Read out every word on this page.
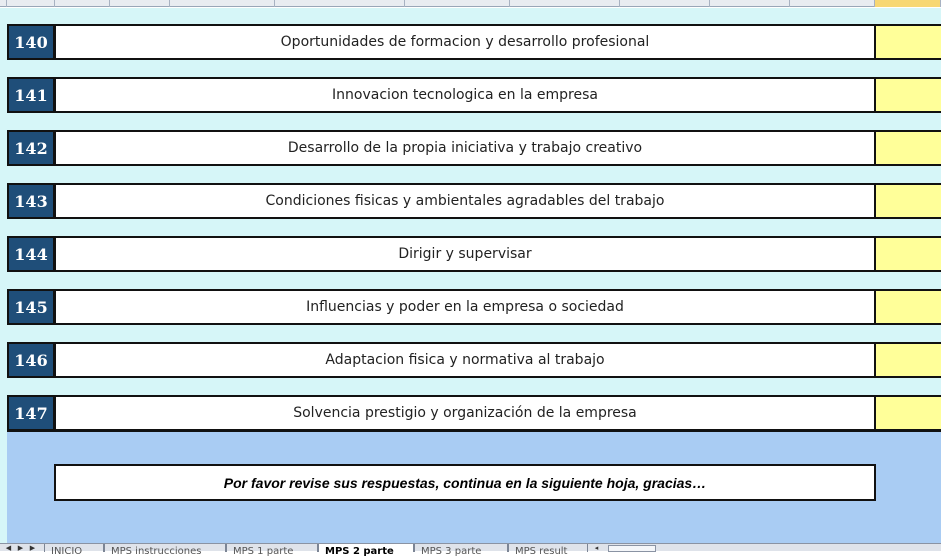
140	Oportunidades de formacion y desarrollo profesional
141	Innovacion tecnologica en la empresa
142	Desarrollo de la propia iniciativa y trabajo creativo
143	Condiciones fisicas y ambientales agradables del trabajo
144	Dirigir y supervisar
145	Influencias y poder en la empresa o sociedad
146	Adaptacion fisica y normativa al trabajo
147	Solvencia prestigio y organización de la empresa
Por favor revise sus respuestas, continua en la siguiente hoja, gracias…
◀ ▶ ▶	INICIO	MPS instrucciones	MPS 1 parte	MPS 2 parte	MPS 3 parte	MPS result	◂
